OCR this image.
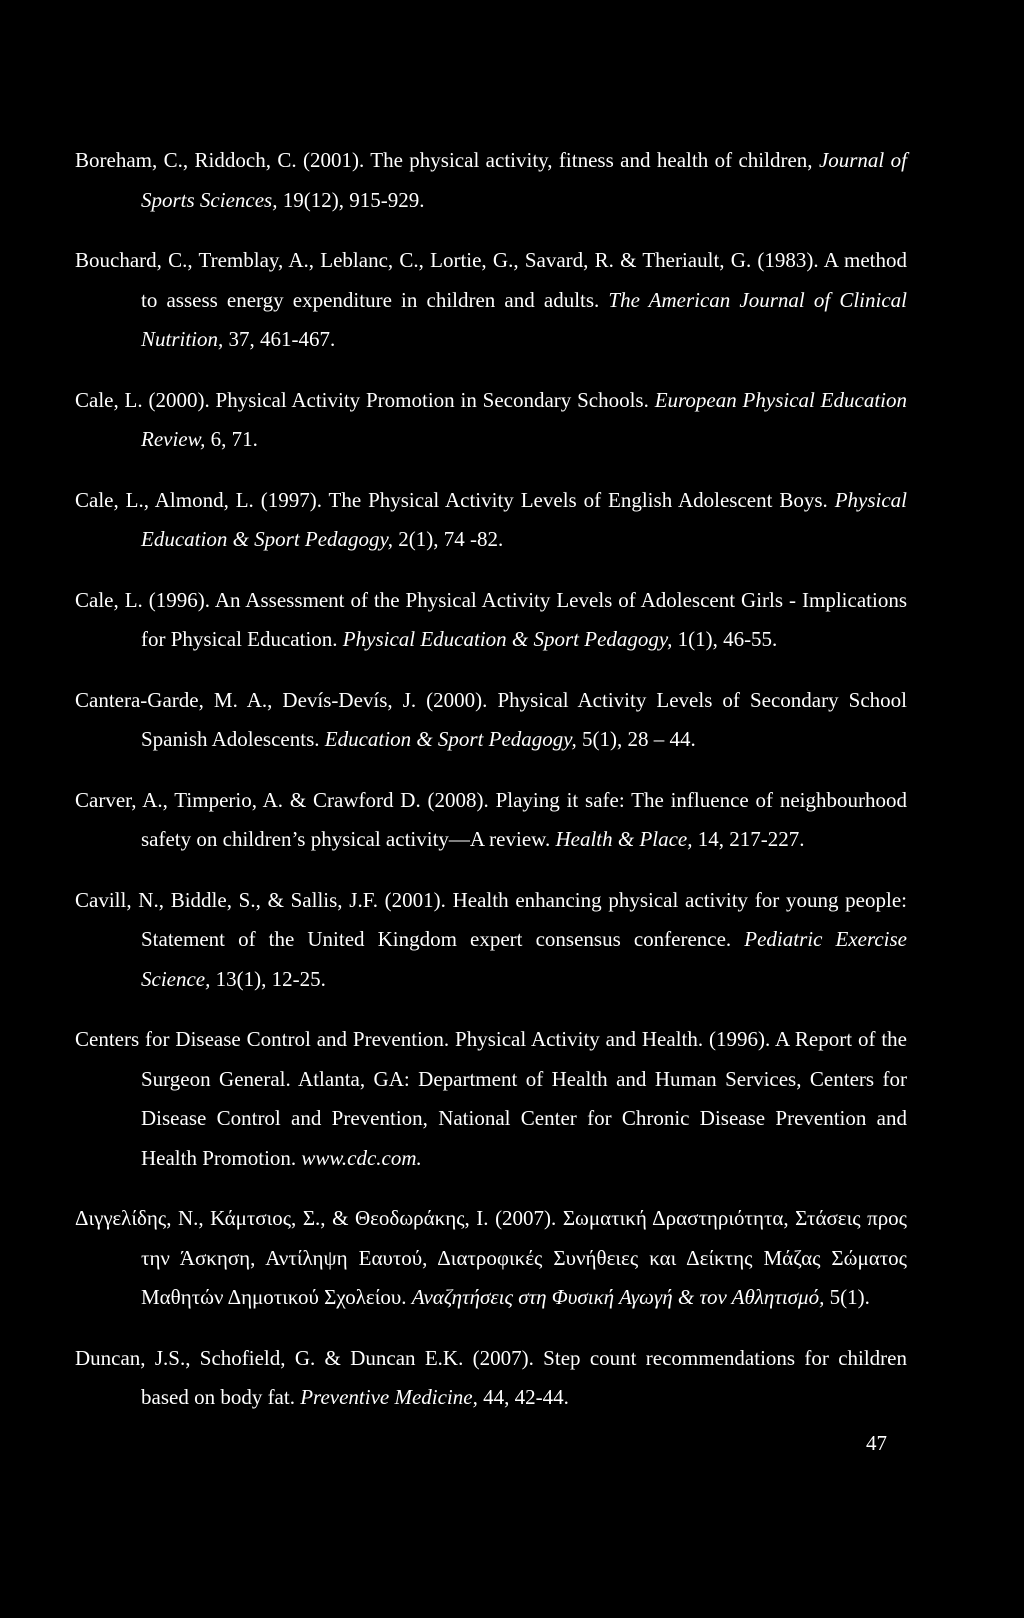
Boreham, C., Riddoch, C. (2001). The physical activity, fitness and health of children, Journal of Sports Sciences, 19(12), 915-929.

Bouchard, C., Tremblay, A., Leblanc, C., Lortie, G., Savard, R. & Theriault, G. (1983). A method to assess energy expenditure in children and adults. The American Journal of Clinical Nutrition, 37, 461-467.

Cale, L. (2000). Physical Activity Promotion in Secondary Schools. European Physical Education Review, 6, 71.

Cale, L., Almond, L. (1997). The Physical Activity Levels of English Adolescent Boys. Physical Education & Sport Pedagogy, 2(1), 74 -82.

Cale, L. (1996). An Assessment of the Physical Activity Levels of Adolescent Girls - Implications for Physical Education. Physical Education & Sport Pedagogy, 1(1), 46-55.

Cantera-Garde, M. A., Devís-Devís, J. (2000). Physical Activity Levels of Secondary School Spanish Adolescents. Education & Sport Pedagogy, 5(1), 28 – 44.

Carver, A., Timperio, A. & Crawford D. (2008). Playing it safe: The influence of neighbourhood safety on children’s physical activity—A review. Health & Place, 14, 217-227.

Cavill, N., Biddle, S., & Sallis, J.F. (2001). Health enhancing physical activity for young people: Statement of the United Kingdom expert consensus conference. Pediatric Exercise Science, 13(1), 12-25.

Centers for Disease Control and Prevention. Physical Activity and Health. (1996). A Report of the Surgeon General. Atlanta, GA: Department of Health and Human Services, Centers for Disease Control and Prevention, National Center for Chronic Disease Prevention and Health Promotion. www.cdc.com.

Διγγελίδης, Ν., Κάμτσιος, Σ., & Θεοδωράκης, Ι. (2007). Σωματική Δραστηριότητα, Στάσεις προς την Άσκηση, Αντίληψη Εαυτού, Διατροφικές Συνήθειες και Δείκτης Μάζας Σώματος Μαθητών Δημοτικού Σχολείου. Αναζητήσεις στη Φυσική Αγωγή & τον Αθλητισμό, 5(1).

Duncan, J.S., Schofield, G. & Duncan E.K. (2007). Step count recommendations for children based on body fat. Preventive Medicine, 44, 42-44.

47
